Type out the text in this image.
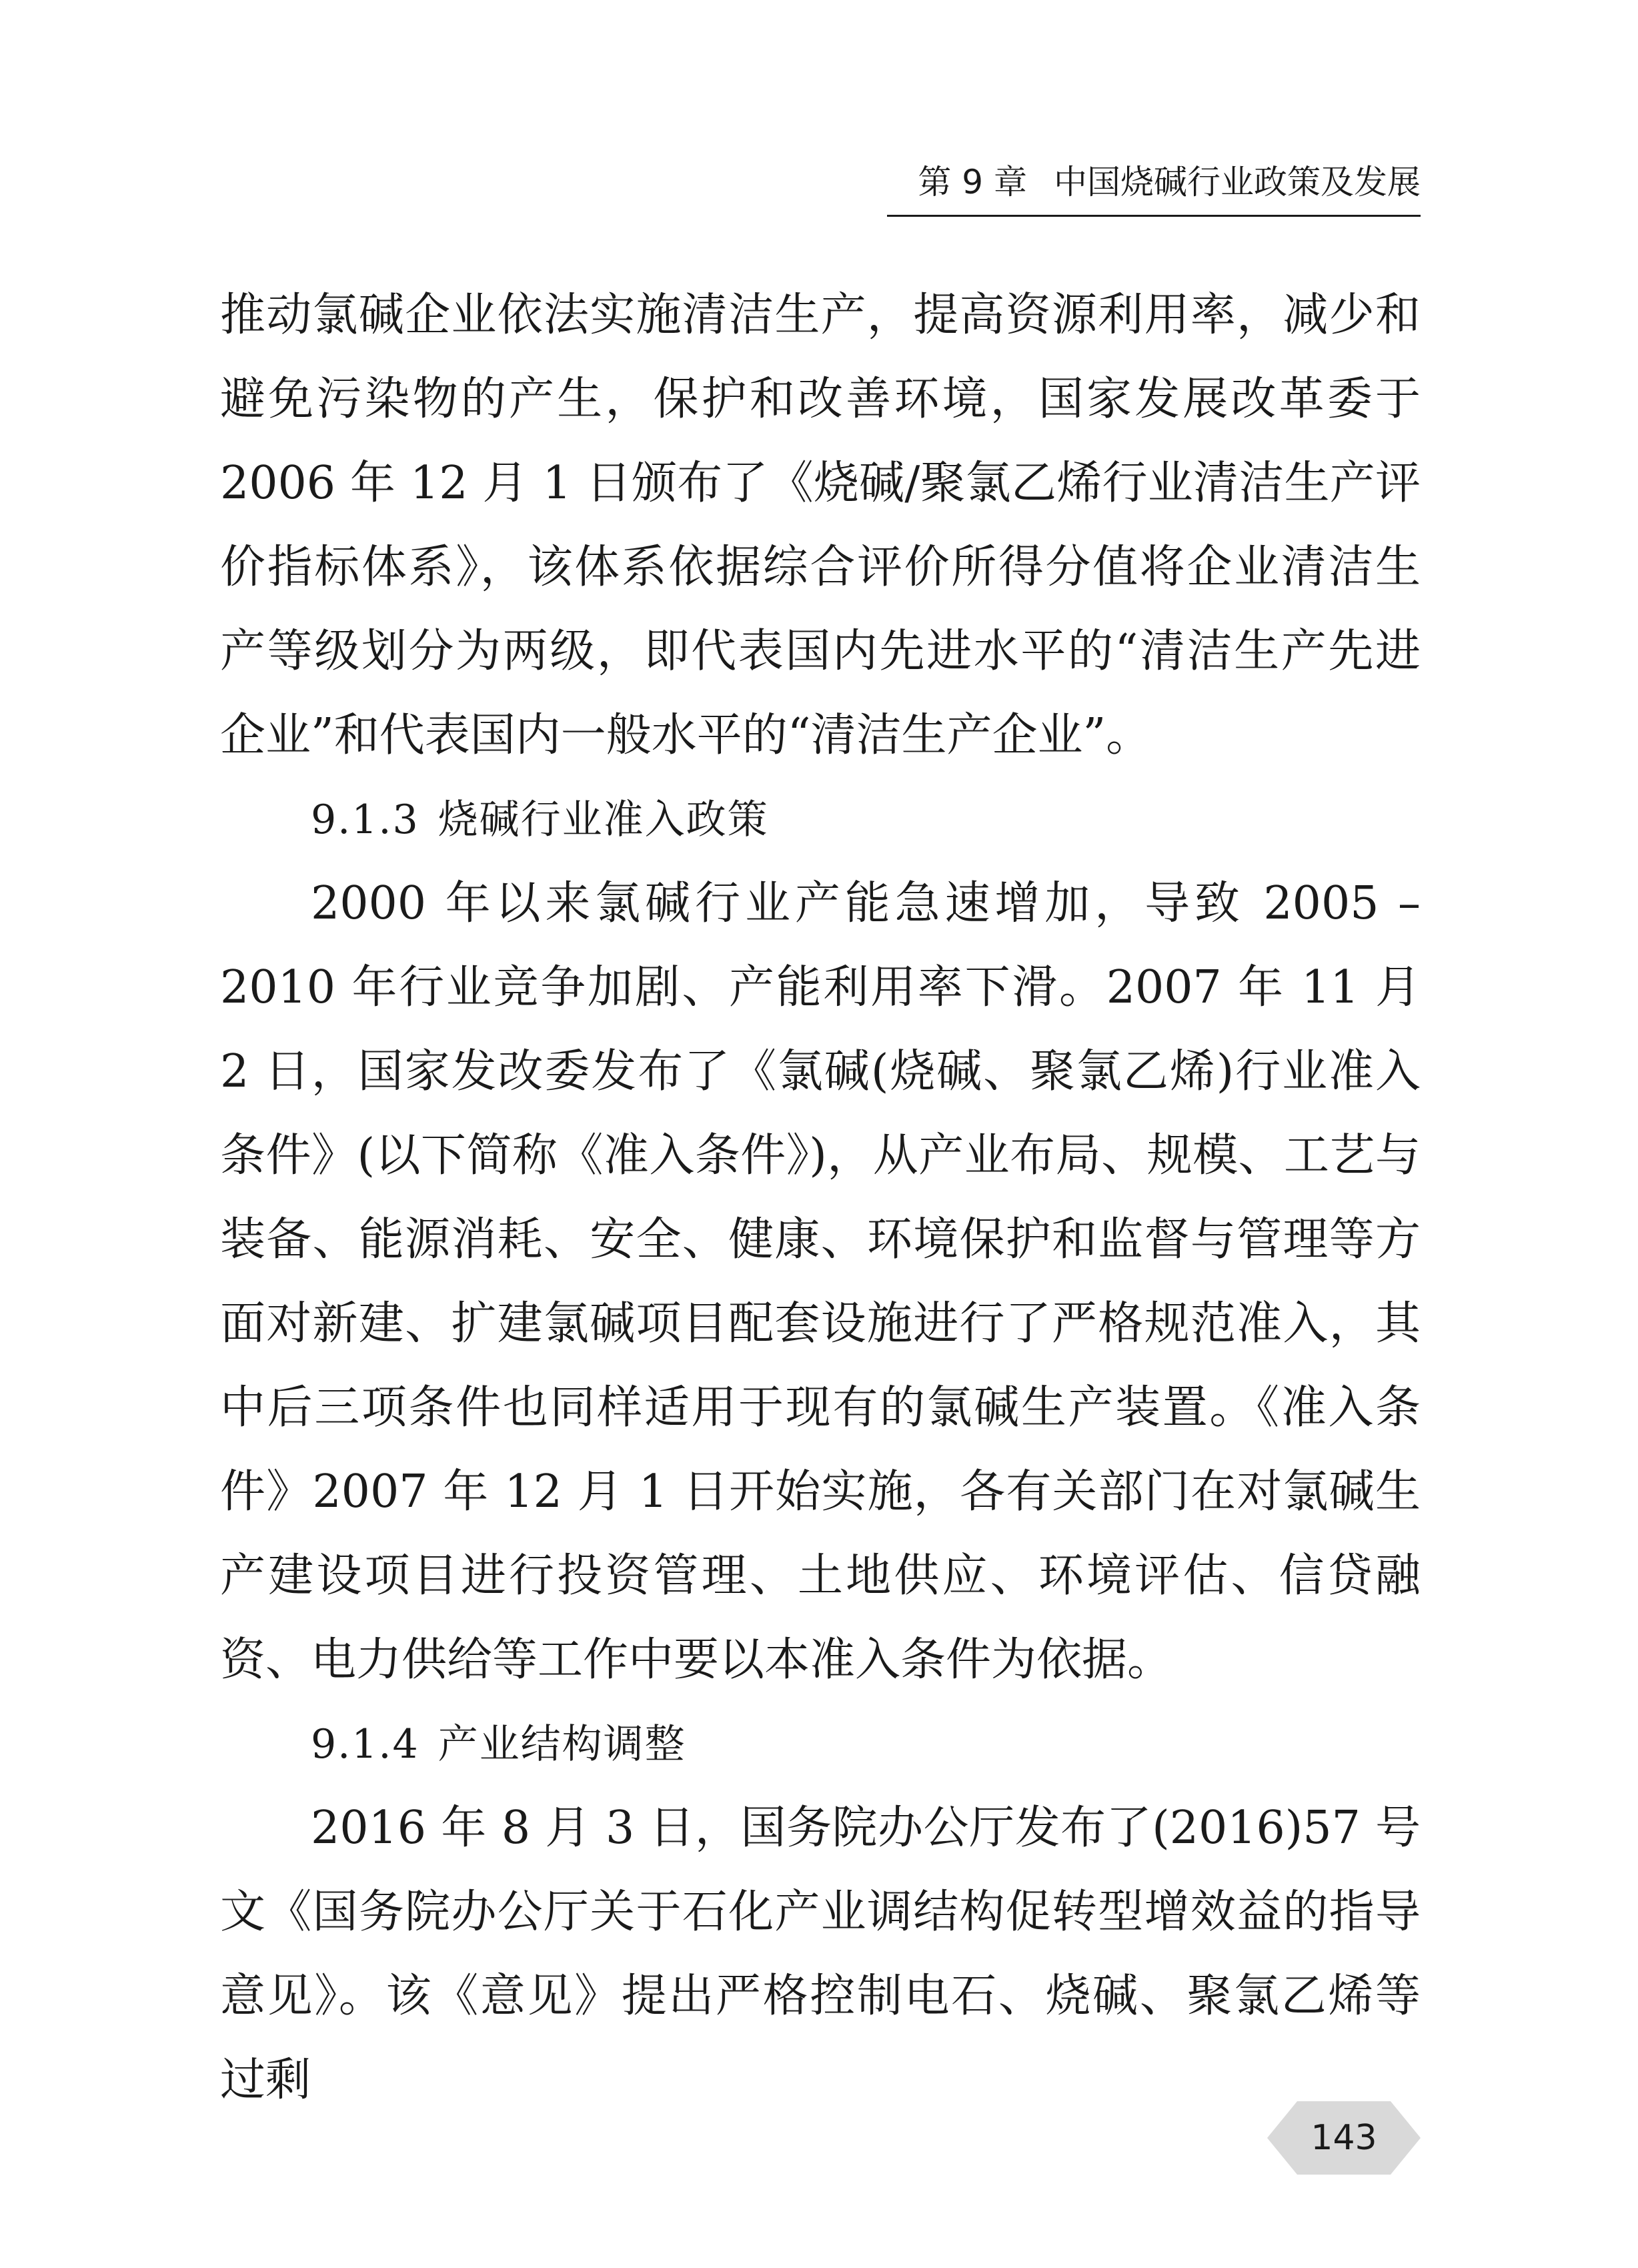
第 9 章 中国烧碱行业政策及发展

推动氯碱企业依法实施清洁生产，提高资源利用率，减少和避免污染物的产生，保护和改善环境，国家发展改革委于 2006 年 12 月 1 日颁布了《烧碱/聚氯乙烯行业清洁生产评价指标体系》，该体系依据综合评价所得分值将企业清洁生产等级划分为两级，即代表国内先进水平的“清洁生产先进企业”和代表国内一般水平的“清洁生产企业”。

9.1.3 烧碱行业准入政策

2000 年以来氯碱行业产能急速增加，导致 2005 –2010 年行业竞争加剧、产能利用率下滑。2007 年 11 月 2 日，国家发改委发布了《氯碱(烧碱、聚氯乙烯)行业准入条件》(以下简称《准入条件》)，从产业布局、规模、工艺与装备、能源消耗、安全、健康、环境保护和监督与管理等方面对新建、扩建氯碱项目配套设施进行了严格规范准入，其中后三项条件也同样适用于现有的氯碱生产装置。《准入条件》2007 年 12 月 1 日开始实施，各有关部门在对氯碱生产建设项目进行投资管理、土地供应、环境评估、信贷融资、电力供给等工作中要以本准入条件为依据。

9.1.4 产业结构调整

2016 年 8 月 3 日，国务院办公厅发布了(2016)57 号文《国务院办公厅关于石化产业调结构促转型增效益的指导意见》。该《意见》提出严格控制电石、烧碱、聚氯乙烯等过剩

143
